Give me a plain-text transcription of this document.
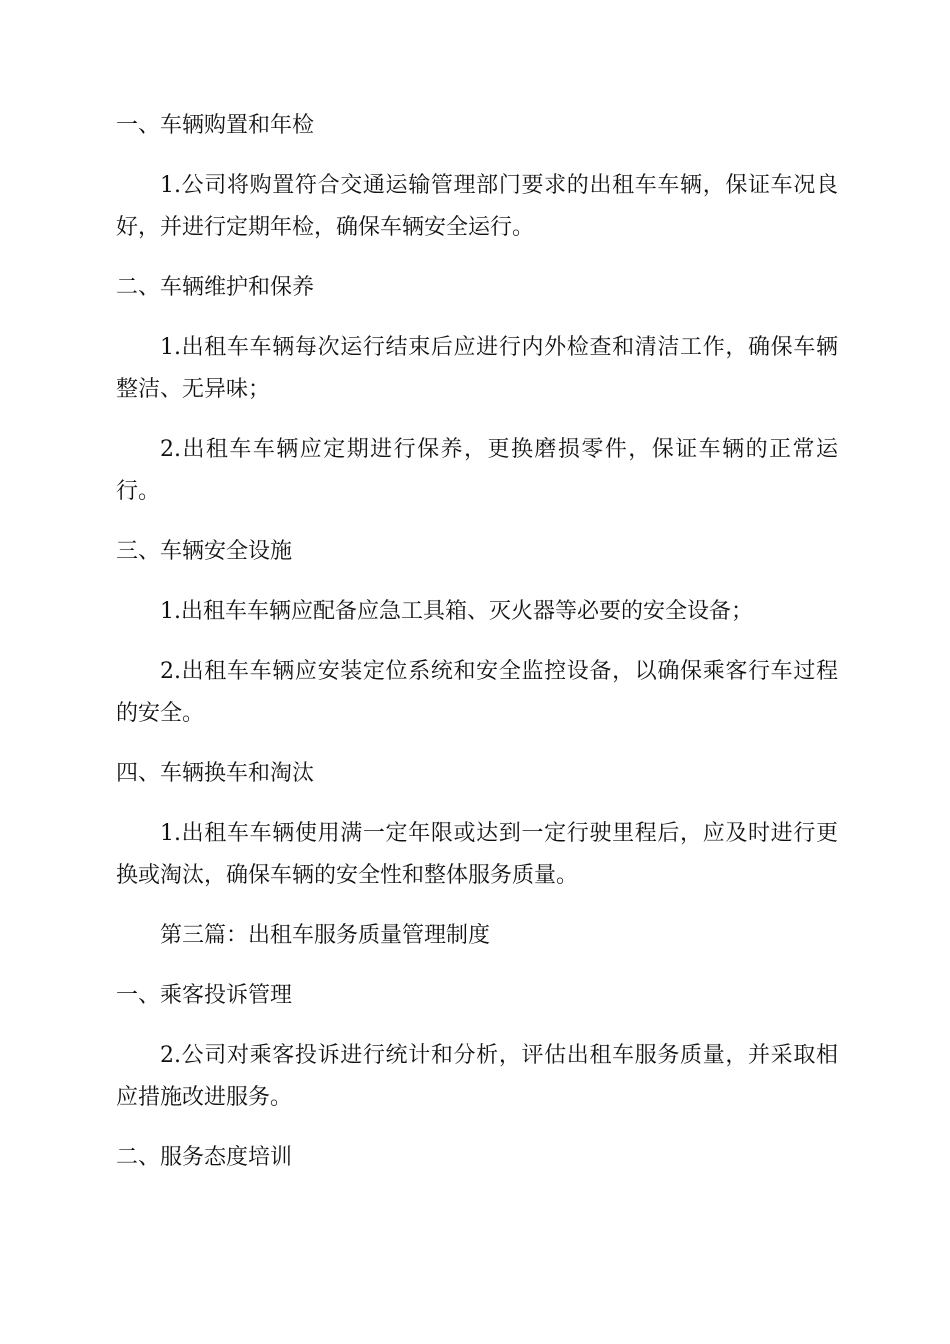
一、车辆购置和年检

1.公司将购置符合交通运输管理部门要求的出租车车辆，保证车况良好，并进行定期年检，确保车辆安全运行。

二、车辆维护和保养

1.出租车车辆每次运行结束后应进行内外检查和清洁工作，确保车辆整洁、无异味；

2.出租车车辆应定期进行保养，更换磨损零件，保证车辆的正常运行。

三、车辆安全设施

1.出租车车辆应配备应急工具箱、灭火器等必要的安全设备；

2.出租车车辆应安装定位系统和安全监控设备，以确保乘客行车过程的安全。

四、车辆换车和淘汰

1.出租车车辆使用满一定年限或达到一定行驶里程后，应及时进行更换或淘汰，确保车辆的安全性和整体服务质量。

第三篇：出租车服务质量管理制度

一、乘客投诉管理

2.公司对乘客投诉进行统计和分析，评估出租车服务质量，并采取相应措施改进服务。

二、服务态度培训
